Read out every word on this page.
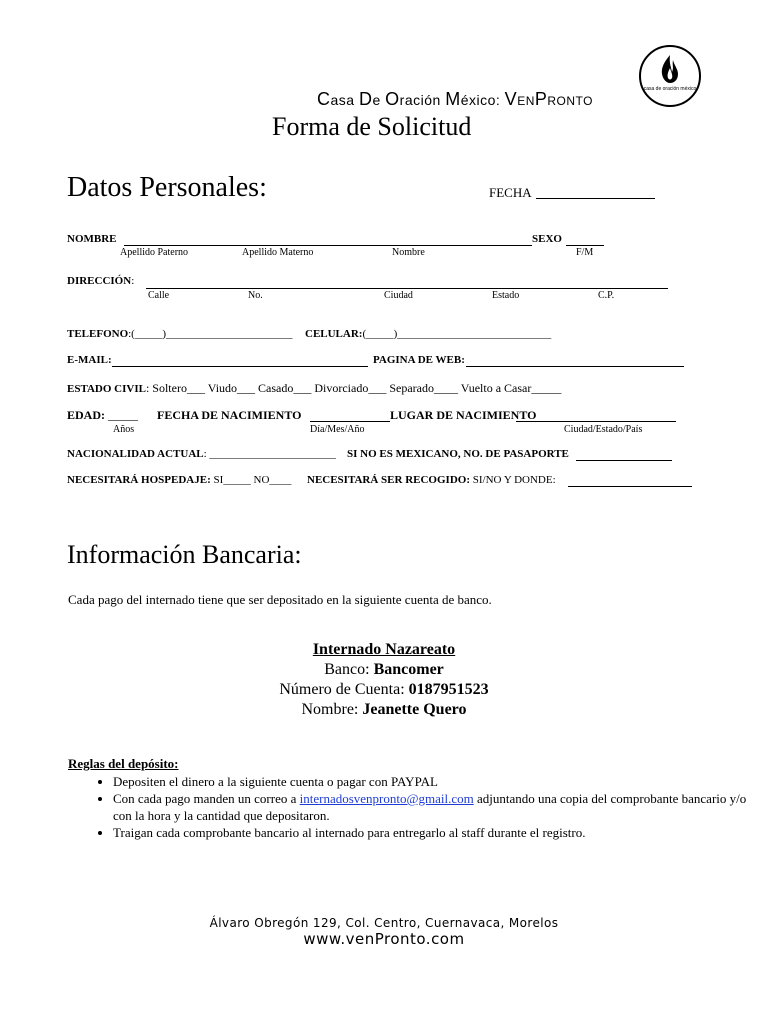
casa de oración méxico
Casa De Oración México: VENPRONTO
Forma de Solicitud
Datos Personales:	FECHA
NOMBRE	SEXO
Apellido Paterno	Apellido Materno	Nombre	F/M
DIRECCIÓN:
Calle	No.	Ciudad	Estado	C.P.
TELEFONO:(_____)_______________________ CELULAR:(_____)____________________________
E-MAIL:	PAGINA DE WEB:
ESTADO CIVIL: Soltero___ Viudo___ Casado___ Divorciado___ Separado____ Vuelto a Casar_____
EDAD: _____ FECHA DE NACIMIENTO	LUGAR DE NACIMIENTO
Años	Día/Mes/Año	Ciudad/Estado/País
NACIONALIDAD ACTUAL: _______________________ SI NO ES MEXICANO, NO. DE PASAPORTE
NECESITARÁ HOSPEDAJE: SI_____ NO____ NECESITARÁ SER RECOGIDO: SI/NO Y DONDE:
Información Bancaria:
Cada pago del internado tiene que ser depositado en la siguiente cuenta de banco.
Internado Nazareato
Banco: Bancomer
Número de Cuenta: 0187951523
Nombre: Jeanette Quero
Reglas del depósito:
• Depositen el dinero a la siguiente cuenta o pagar con PAYPAL
• Con cada pago manden un correo a internadosvenpronto@gmail.com adjuntando una copia del comprobante bancario y/o con la hora y la cantidad que depositaron.
• Traigan cada comprobante bancario al internado para entregarlo al staff durante el registro.
Álvaro Obregón 129, Col. Centro, Cuernavaca, Morelos
www.venPronto.com
